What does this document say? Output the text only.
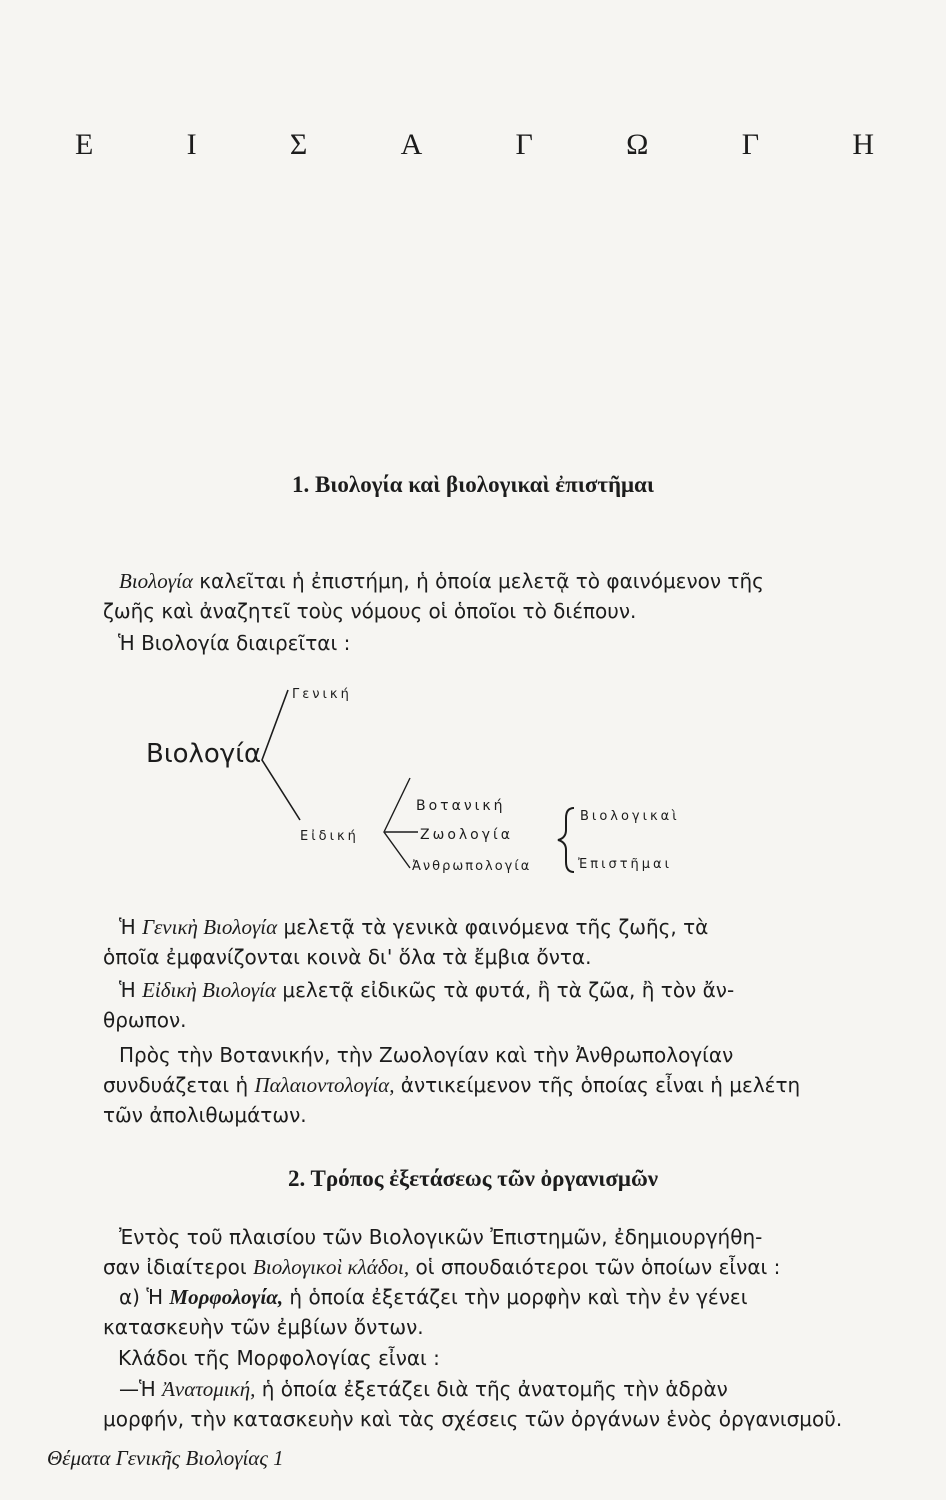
Ε	Ι	Σ	Α	Γ	Ω	Γ	Η
1. Βιολογία καὶ βιολογικαὶ ἐπιστῆμαι
Βιολογία καλεῖται ἡ ἐπιστήμη, ἡ ὁποία μελετᾷ τὸ φαινόμενον τῆς
ζωῆς καὶ ἀναζητεῖ τοὺς νόμους οἱ ὁποῖοι τὸ διέπουν.
Ἡ Βιολογία διαιρεῖται :
Βιολογία
Γενική
Εἰδική
Βοτανική
Ζωολογία
Ἀνθρωπολογία
Βιολογικαὶ
Ἐπιστῆμαι
Ἡ Γενικὴ Βιολογία μελετᾷ τὰ γενικὰ φαινόμενα τῆς ζωῆς, τὰ
ὁποῖα ἐμφανίζονται κοινὰ δι' ὅλα τὰ ἔμβια ὄντα.
Ἡ Εἰδικὴ Βιολογία μελετᾷ εἰδικῶς τὰ φυτά, ἢ τὰ ζῶα, ἢ τὸν ἄν-
θρωπον.
Πρὸς τὴν Βοτανικήν, τὴν Ζωολογίαν καὶ τὴν Ἀνθρωπολογίαν
συνδυάζεται ἡ Παλαιοντολογία, ἀντικείμενον τῆς ὁποίας εἶναι ἡ μελέτη
τῶν ἀπολιθωμάτων.
2. Τρόπος ἐξετάσεως τῶν ὀργανισμῶν
Ἐντὸς τοῦ πλαισίου τῶν Βιολογικῶν Ἐπιστημῶν, ἐδημιουργήθη-
σαν ἰδιαίτεροι Βιολογικοὶ κλάδοι, οἱ σπουδαιότεροι τῶν ὁποίων εἶναι :
α) Ἡ Μορφολογία, ἡ ὁποία ἐξετάζει τὴν μορφὴν καὶ τὴν ἐν γένει
κατασκευὴν τῶν ἐμβίων ὄντων.
Κλάδοι τῆς Μορφολογίας εἶναι :
—Ἡ Ἀνατομική, ἡ ὁποία ἐξετάζει διὰ τῆς ἀνατομῆς τὴν ἁδρὰν
μορφήν, τὴν κατασκευὴν καὶ τὰς σχέσεις τῶν ὀργάνων ἑνὸς ὀργανισμοῦ.
Θέματα Γενικῆς Βιολογίας 1
